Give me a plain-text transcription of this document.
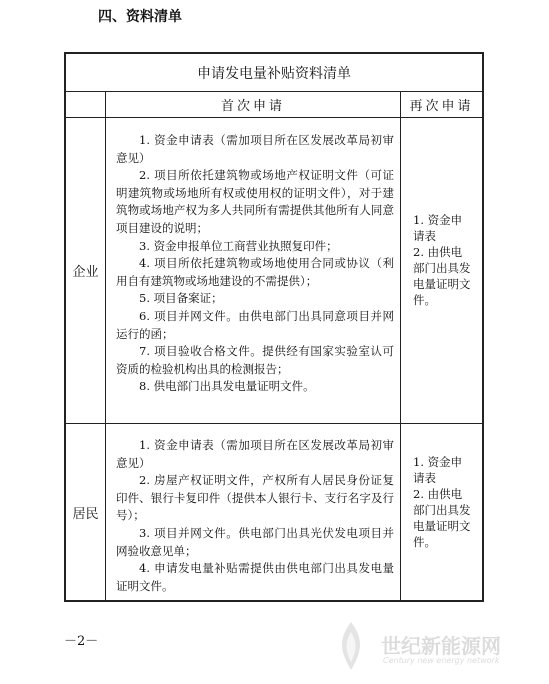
四、资料清单
申请发电量补贴资料清单
首次申请	再次申请
企业

1. 资金申请表（需加项目所在区发展改革局初审意见）

2. 项目所依托建筑物或场地产权证明文件（可证明建筑物或场地所有权或使用权的证明文件），对于建筑物或场地产权为多人共同所有需提供其他所有人同意项目建设的说明；

3. 资金申报单位工商营业执照复印件；

4. 项目所依托建筑物或场地使用合同或协议（利用自有建筑物或场地建设的不需提供）；

5. 项目备案证；

6. 项目并网文件。由供电部门出具同意项目并网运行的函；

7. 项目验收合格文件。提供经有国家实验室认可资质的检验机构出具的检测报告；

8. 供电部门出具发电量证明文件。

1. 资金申请表

2. 由供电部门出具发电量证明文件。

居民

1. 资金申请表（需加项目所在区发展改革局初审意见）

2. 房屋产权证明文件，产权所有人居民身份证复印件、银行卡复印件（提供本人银行卡、支行名字及行号）；

3. 项目并网文件。供电部门出具光伏发电项目并网验收意见单；

4. 申请发电量补贴需提供由供电部门出具发电量证明文件。

1. 资金申请表

2. 由供电部门出具发电量证明文件。

－2－	世纪新能源网
Century new energy network
